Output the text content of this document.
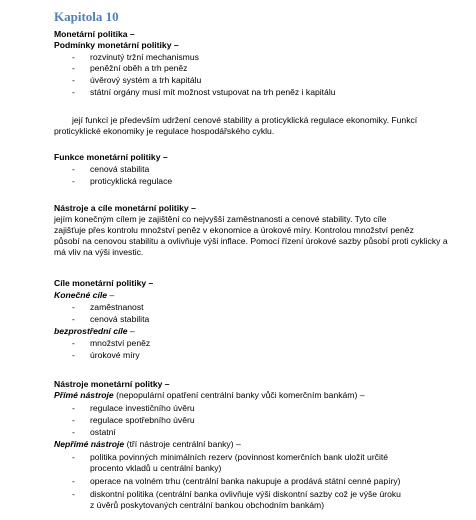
Kapitola 10
Monetární politika –
Podmínky monetární politiky –
- rozvinutý tržní mechanismus
- peněžní oběh a trh peněz
- úvěrový systém a trh kapitálu
- státní orgány musí mít možnost vstupovat na trh peněz i kapitálu
její funkcí je především udržení cenové stability a proticyklická regulace ekonomiky. Funkcí
proticyklické ekonomiky je regulace hospodářského cyklu.
Funkce monetární politiky –
- cenová stabilita
- proticyklická regulace
Nástroje a cíle monetární politiky –
jejím konečným cílem je zajištění co nejvyšší zaměstnanosti a cenové stability. Tyto cíle
zajišťuje přes kontrolu množství peněz v ekonomice a úrokové míry. Kontrolou množství peněz
působí na cenovou stabilitu a ovlivňuje výši inflace. Pomocí řízení úrokové sazby působí proti cyklicky a
má vliv na výši investic.
Cíle monetární politiky –
Konečné cíle –
- zaměstnanost
- cenová stabilita
bezprostřední cíle –
- množství peněz
- úrokové míry
Nástroje monetární politky –
Přímé nástroje (nepopulární opatření centrální banky vůči komerčním bankám) –
- regulace investičního úvěru
- regulace spotřebního úvěru
- ostatní
Nepřímé nástroje (tří nástroje centrální banky) –
- politika povinných minimálních rezerv (povinnost komerčních bank uložit určité
procento vkladů u centrální banky)
- operace na volném trhu (centrální banka nakupuje a prodává státní cenné papíry)
- diskontní politika (centrální banka ovlivňuje výši diskontní sazby což je výše úroku
z úvěrů poskytovaných centrální bankou obchodním bankám)
